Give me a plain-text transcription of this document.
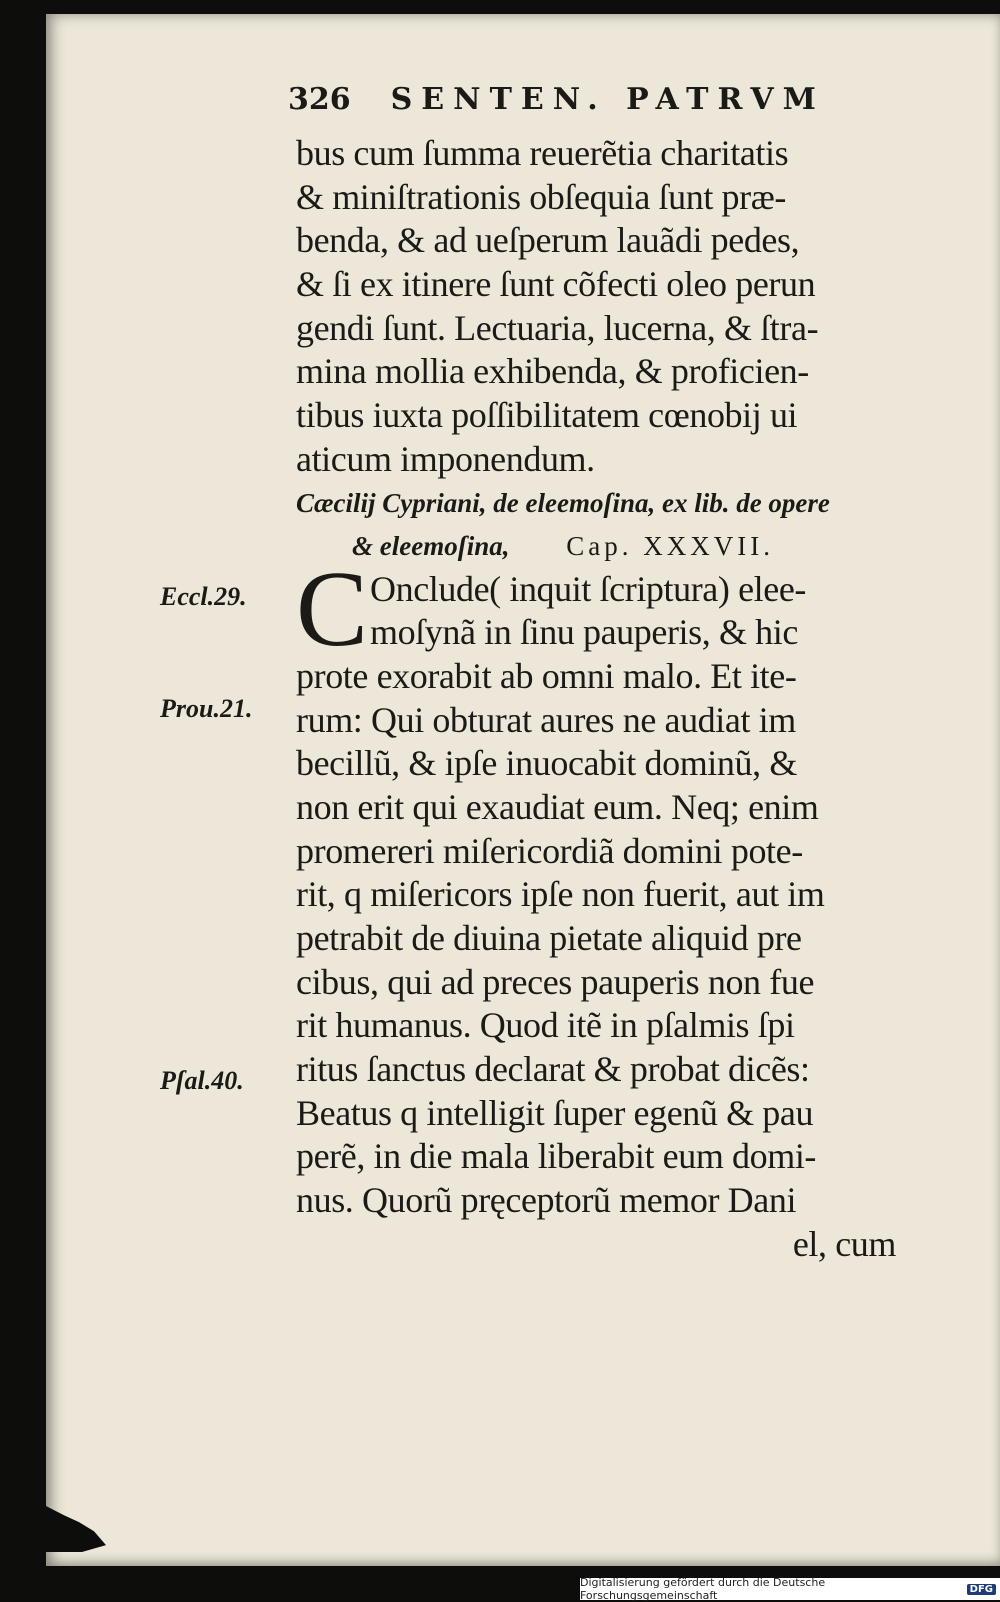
326 SENTEN. PATRVM
bus cum ſumma reuerẽtia charitatis
& miniſtrationis obſequia ſunt præ-
benda, & ad ueſperum lauãdi pedes,
& ſi ex itinere ſunt cõfecti oleo perun
gendi ſunt. Lectuaria, lucerna, & ſtra-
mina mollia exhibenda, & proficien-
tibus iuxta poſſibilitatem cœnobij ui
aticum imponendum.
Cæcilij Cypriani, de eleemoſina, ex lib. de opere
& eleemoſina, Cap. XXXVII.
C Onclude( inquit ſcriptura) elee-
moſynã in ſinu pauperis, & hic
prote exorabit ab omni malo. Et ite-
rum: Qui obturat aures ne audiat im
becillũ, & ipſe inuocabit dominũ, &
non erit qui exaudiat eum. Neq; enim
promereri miſericordiã domini pote-
rit, q miſericors ipſe non fuerit, aut im
petrabit de diuina pietate aliquid pre
cibus, qui ad preces pauperis non fue
rit humanus. Quod itẽ in pſalmis ſpi
ritus ſanctus declarat & probat dicẽs:
Beatus q intelligit ſuper egenũ & pau
perẽ, in die mala liberabit eum domi-
nus. Quorũ pręceptorũ memor Dani
el, cum
Eccl.29.
Prou.21.
Pſal.40.
Digitalisierung gefördert durch die Deutsche Forschungsgemeinschaft	DFG
